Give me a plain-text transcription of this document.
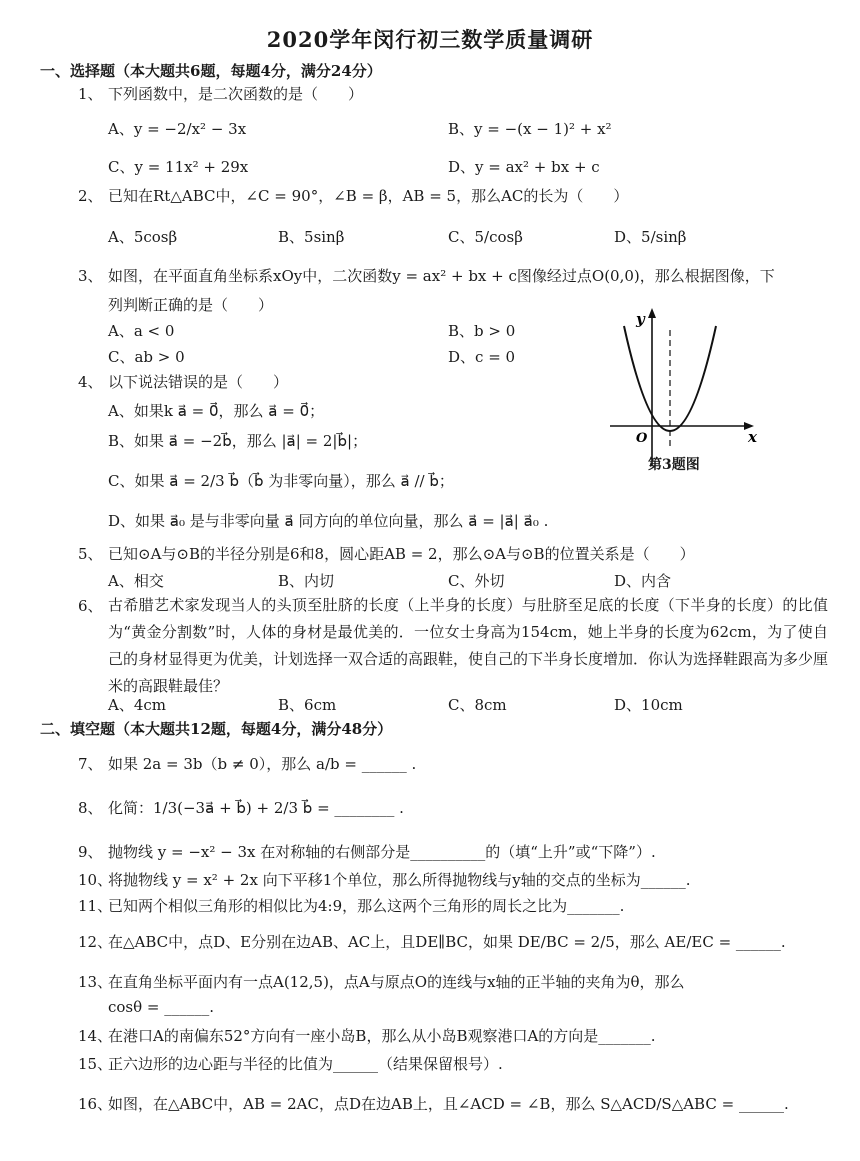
2020学年闵行初三数学质量调研
一、选择题（本大题共6题，每题4分，满分24分）
1、 下列函数中，是二次函数的是（　　）
A、y = −2/x² − 3x	B、y = −(x − 1)² + x²
C、y = 11x² + 29x	D、y = ax² + bx + c
2、 已知在Rt△ABC中，∠C = 90°，∠B = β，AB = 5，那么AC的长为（　　）
A、5cosβ	B、5sinβ	C、5/cosβ	D、5/sinβ
3、 如图，在平面直角坐标系xOy中，二次函数y = ax² + bx + c图像经过点O(0,0)，那么根据图像，下
列判断正确的是（　　）
A、a < 0	B、b > 0
C、ab > 0	D、c = 0
y
x
O
第3题图
4、 以下说法错误的是（　　）
A、如果k a⃗ = 0⃗，那么 a⃗ = 0⃗；
B、如果 a⃗ = −2b⃗，那么 |a⃗| = 2|b⃗|；
C、如果 a⃗ = 2/3 b⃗（b⃗ 为非零向量），那么 a⃗ // b⃗；
D、如果 a⃗₀ 是与非零向量 a⃗ 同方向的单位向量，那么 a⃗ = |a⃗| a⃗₀ .
5、 已知⊙A与⊙B的半径分别是6和8，圆心距AB = 2，那么⊙A与⊙B的位置关系是（　　）
A、相交	B、内切	C、外切	D、内含
6、 古希腊艺术家发现当人的头顶至肚脐的长度（上半身的长度）与肚脐至足底的长度（下半身的长度）的比值为“黄金分割数”时，人体的身材是最优美的．一位女士身高为154cm，她上半身的长度为62cm，为了使自己的身材显得更为优美，计划选择一双合适的高跟鞋，使自己的下半身长度增加．你认为选择鞋跟高为多少厘米的高跟鞋最佳？
A、4cm	B、6cm	C、8cm	D、10cm
二、填空题（本大题共12题，每题4分，满分48分）
7、 如果 2a = 3b（b ≠ 0），那么 a/b = ______ .
8、 化简：1/3(−3a⃗ + b⃗) + 2/3 b⃗ = ________ .
9、 抛物线 y = −x² − 3x 在对称轴的右侧部分是__________的（填“上升”或“下降”）.
10、
将抛物线 y = x² + 2x 向下平移1个单位，那么所得抛物线与y轴的交点的坐标为______.
11、
已知两个相似三角形的相似比为4:9，那么这两个三角形的周长之比为_______.
12、
在△ABC中，点D、E分别在边AB、AC上，且DE∥BC，如果 DE/BC = 2/5，那么 AE/EC = ______.
13、
在直角坐标平面内有一点A(12,5)，点A与原点O的连线与x轴的正半轴的夹角为θ，那么
cosθ = ______.
14、
在港口A的南偏东52°方向有一座小岛B，那么从小岛B观察港口A的方向是_______.
15、
正六边形的边心距与半径的比值为______（结果保留根号）.
16、
如图，在△ABC中，AB = 2AC，点D在边AB上，且∠ACD = ∠B，那么 S△ACD/S△ABC = ______.
